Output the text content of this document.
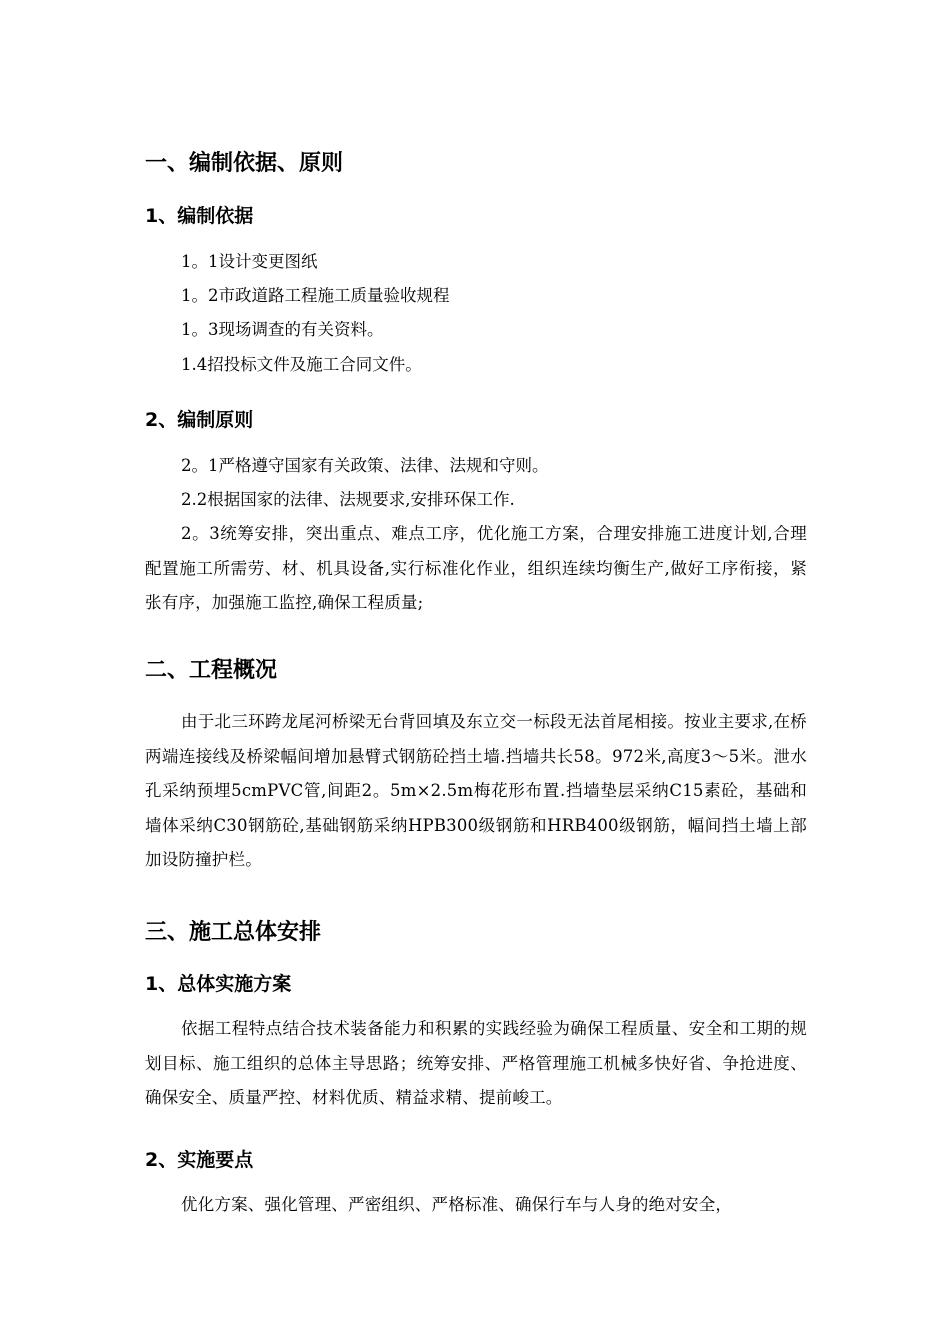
一、编制依据、原则
1、编制依据
1。1设计变更图纸
1。2市政道路工程施工质量验收规程
1。3现场调查的有关资料。
1.4招投标文件及施工合同文件。
2、编制原则
2。1严格遵守国家有关政策、法律、法规和守则。
2.2根据国家的法律、法规要求,安排环保工作.
2。3统筹安排，突出重点、难点工序，优化施工方案，合理安排施工进度计划,合理配置施工所需劳、材、机具设备,实行标准化作业，组织连续均衡生产,做好工序衔接，紧张有序，加强施工监控,确保工程质量;
二、工程概况
由于北三环跨龙尾河桥梁无台背回填及东立交一标段无法首尾相接。按业主要求,在桥两端连接线及桥梁幅间增加悬臂式钢筋砼挡土墙.挡墙共长58。972米,高度3～5米。泄水孔采纳预埋5cmPVC管,间距2。5m×2.5m梅花形布置.挡墙垫层采纳C15素砼，基础和墙体采纳C30钢筋砼,基础钢筋采纳HPB300级钢筋和HRB400级钢筋，幅间挡土墙上部加设防撞护栏。
三、施工总体安排
1、总体实施方案
依据工程特点结合技术装备能力和积累的实践经验为确保工程质量、安全和工期的规划目标、施工组织的总体主导思路；统筹安排、严格管理施工机械多快好省、争抢进度、确保安全、质量严控、材料优质、精益求精、提前峻工。
2、实施要点
优化方案、强化管理、严密组织、严格标准、确保行车与人身的绝对安全，
